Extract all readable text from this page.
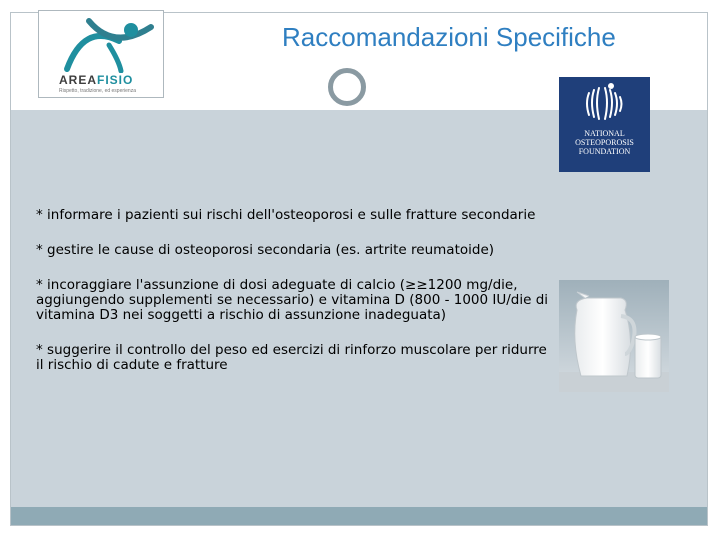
AREAFISIO
Rispetto, tradizione, ed esperienza
Raccomandazioni Specifiche
NATIONAL
OSTEOPOROSIS
FOUNDATION
* informare i pazienti sui rischi dell'osteoporosi e sulle fratture secondarie
* gestire le cause di osteoporosi secondaria (es. artrite reumatoide)
* incoraggiare l'assunzione di dosi adeguate di calcio (≥≥1200 mg/die, aggiungendo supplementi se necessario) e vitamina D (800 - 1000 IU/die di vitamina D3 nei soggetti a rischio di assunzione inadeguata)
* suggerire il controllo del peso ed esercizi di rinforzo muscolare per ridurre il rischio di cadute e fratture
